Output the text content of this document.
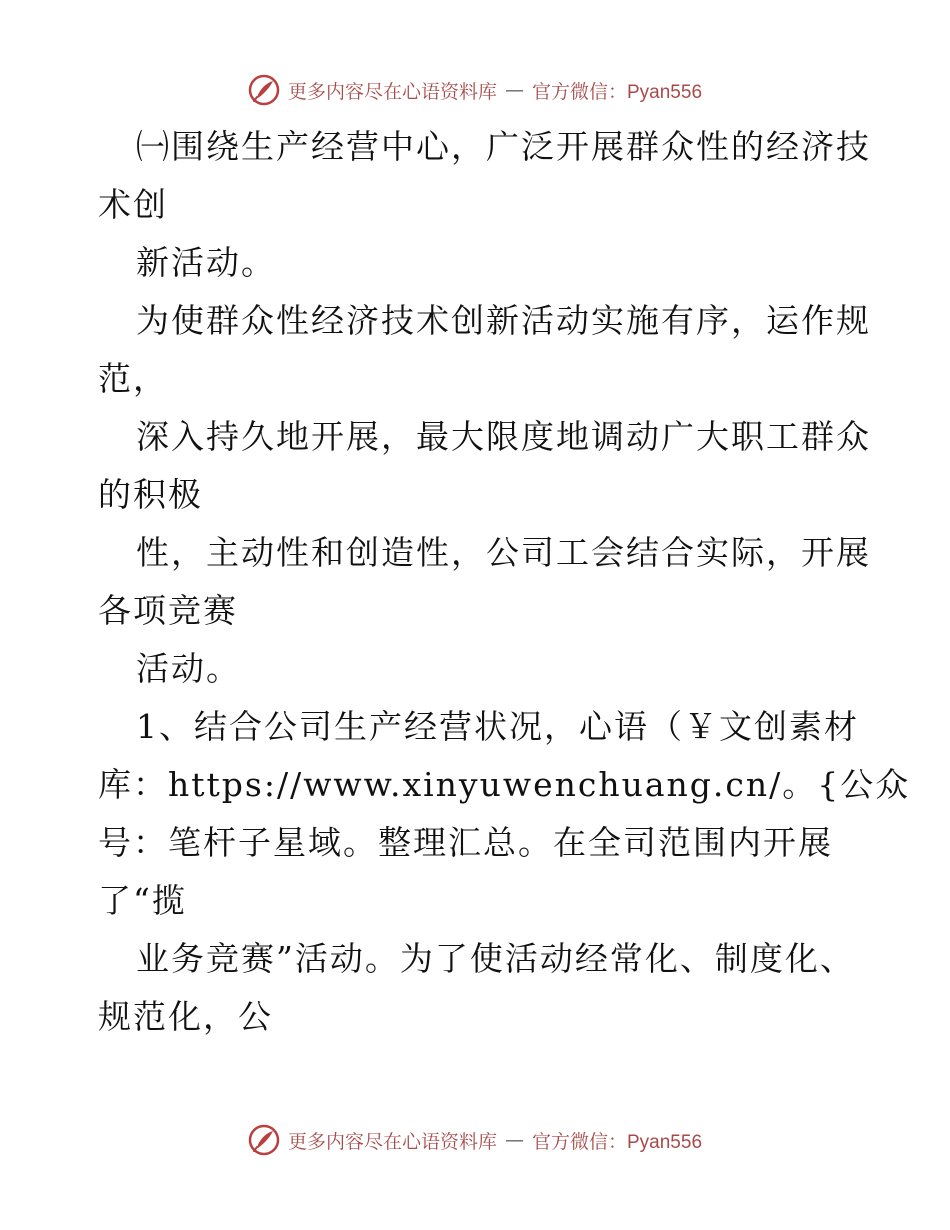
更多内容尽在心语资料库 — 官方微信：Pyan556
㈠围绕生产经营中心，广泛开展群众性的经济技
术创
新活动。
为使群众性经济技术创新活动实施有序，运作规
范，
深入持久地开展，最大限度地调动广大职工群众
的积极
性，主动性和创造性，公司工会结合实际，开展
各项竞赛
活动。
1、结合公司生产经营状况，心语（￥文创素材
库：https://www.xinyuwenchuang.cn/。{公众
号：笔杆子星域。整理汇总。在全司范围内开展
了“揽
业务竞赛”活动。为了使活动经常化、制度化、
规范化，公
更多内容尽在心语资料库 — 官方微信：Pyan556
